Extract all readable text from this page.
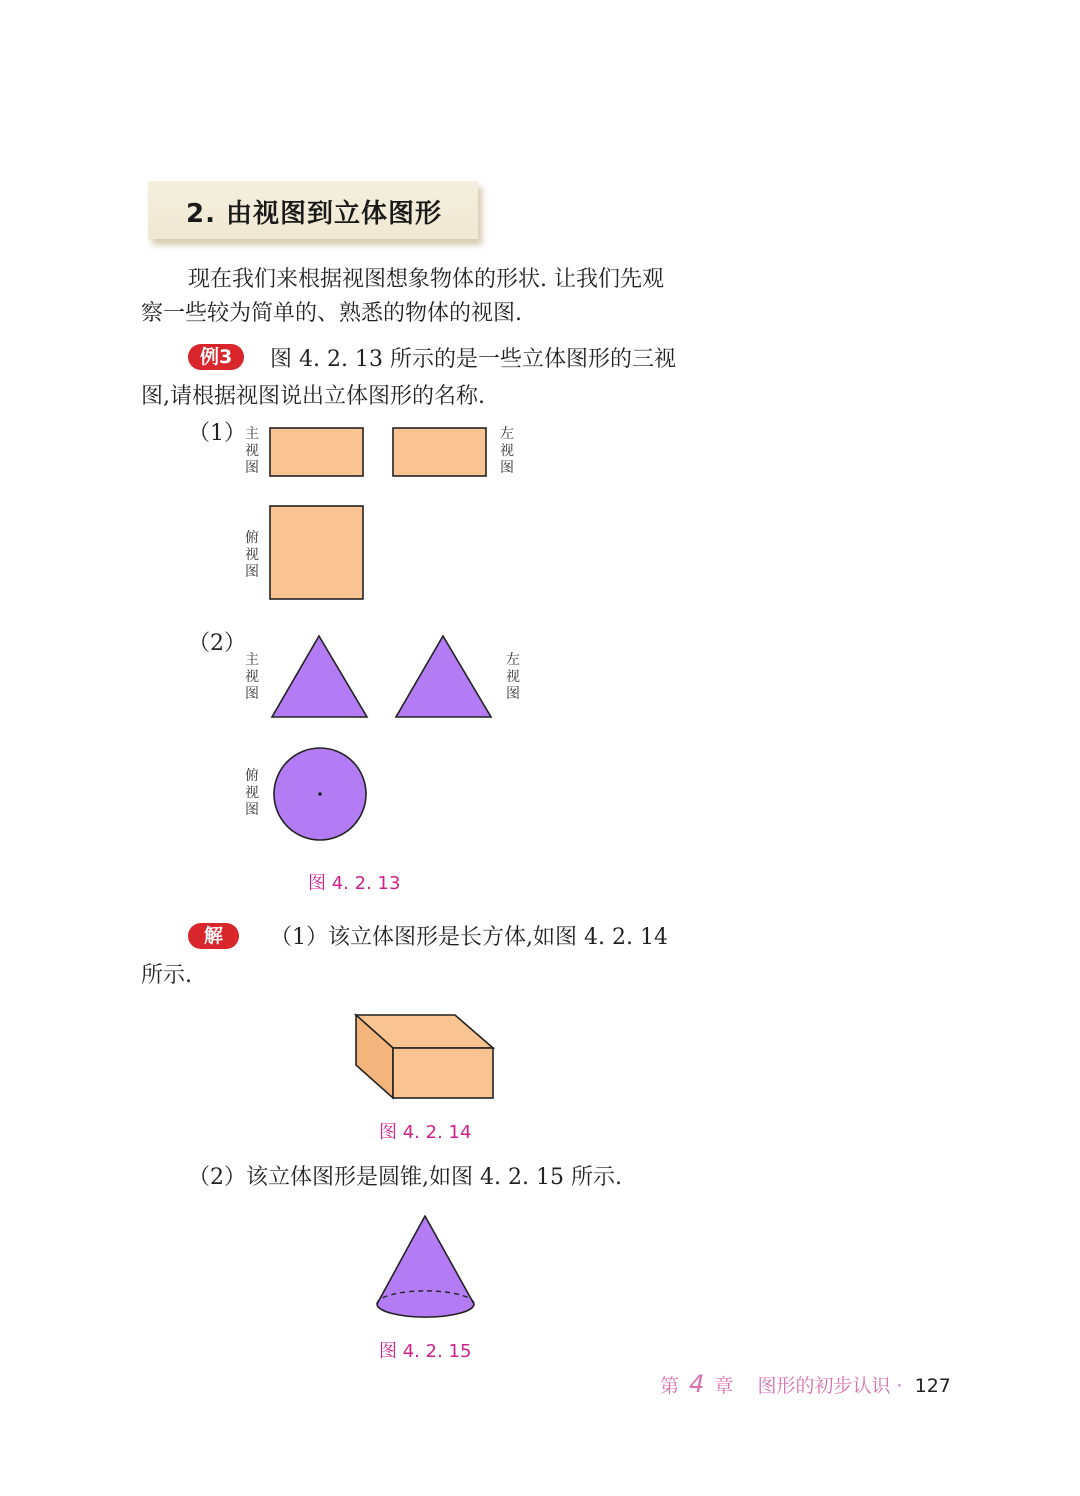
2. 由视图到立体图形
现在我们来根据视图想象物体的形状. 让我们先观
察一些较为简单的、熟悉的物体的视图.
例3	图 4. 2. 13 所示的是一些立体图形的三视
图,请根据视图说出立体图形的名称.
（1） 主视图
左视图
俯视图
（2）
主视图
左视图
俯视图
图 4. 2. 13
解	（1）该立体图形是长方体,如图 4. 2. 14
所示.
图 4. 2. 14
（2）该立体图形是圆锥,如图 4. 2. 15 所示.
图 4. 2. 15
第 4 章 图形的初步认识 · 127
